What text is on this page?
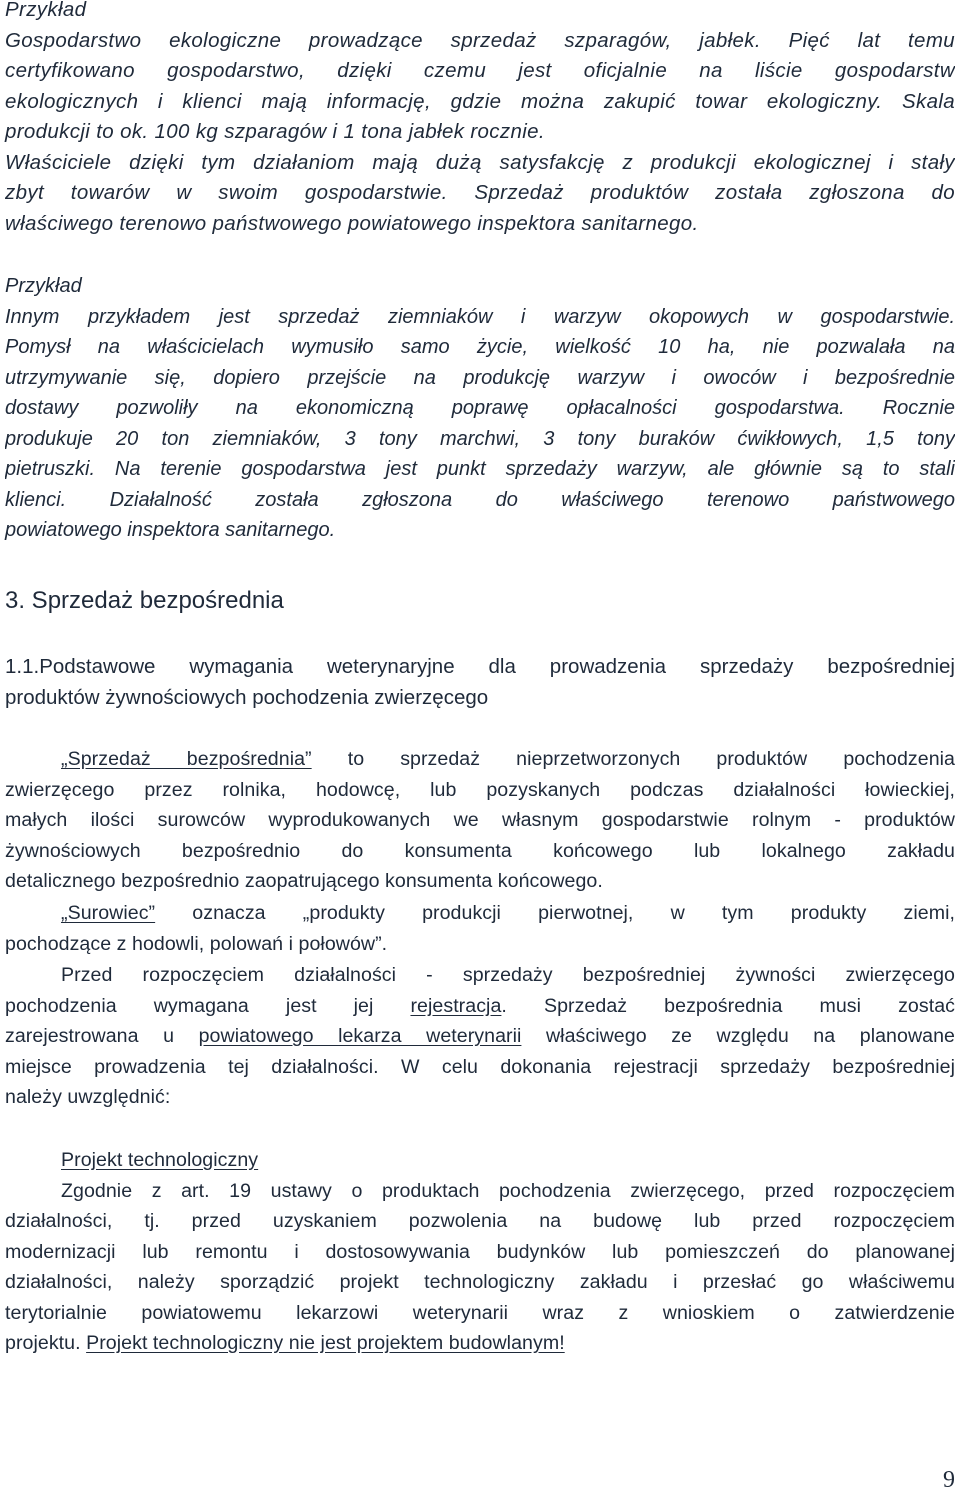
Przykład
Gospodarstwo ekologiczne prowadzące sprzedaż szparagów, jabłek. Pięć lat temu
certyfikowano gospodarstwo, dzięki czemu jest oficjalnie na liście gospodarstw
ekologicznych i klienci mają informację, gdzie można zakupić towar ekologiczny. Skala
produkcji to ok. 100 kg szparagów i 1 tona jabłek rocznie.
Właściciele dzięki tym działaniom mają dużą satysfakcję z produkcji ekologicznej i stały
zbyt towarów w swoim gospodarstwie. Sprzedaż produktów została zgłoszona do
właściwego terenowo państwowego powiatowego inspektora sanitarnego.
Przykład
Innym przykładem jest sprzedaż ziemniaków i warzyw okopowych w gospodarstwie.
Pomysł na właścicielach wymusiło samo życie, wielkość 10 ha, nie pozwalała na
utrzymywanie się, dopiero przejście na produkcję warzyw i owoców i bezpośrednie
dostawy pozwoliły na ekonomiczną poprawę opłacalności gospodarstwa. Rocznie
produkuje 20 ton ziemniaków, 3 tony marchwi, 3 tony buraków ćwikłowych, 1,5 tony
pietruszki. Na terenie gospodarstwa jest punkt sprzedaży warzyw, ale głównie są to stali
klienci. Działalność została zgłoszona do właściwego terenowo państwowego
powiatowego inspektora sanitarnego.
3. Sprzedaż bezpośrednia
1.1.Podstawowe wymagania weterynaryjne dla prowadzenia sprzedaży bezpośredniej
produktów żywnościowych pochodzenia zwierzęcego
„Sprzedaż bezpośrednia” to sprzedaż nieprzetworzonych produktów pochodzenia
zwierzęcego przez rolnika, hodowcę, lub pozyskanych podczas działalności łowieckiej,
małych ilości surowców wyprodukowanych we własnym gospodarstwie rolnym - produktów
żywnościowych bezpośrednio do konsumenta końcowego lub lokalnego zakładu
detalicznego bezpośrednio zaopatrującego konsumenta końcowego.
„Surowiec” oznacza „produkty produkcji pierwotnej, w tym produkty ziemi,
pochodzące z hodowli, polowań i połowów”.
Przed rozpoczęciem działalności - sprzedaży bezpośredniej żywności zwierzęcego
pochodzenia wymagana jest jej rejestracja. Sprzedaż bezpośrednia musi zostać
zarejestrowana u powiatowego lekarza weterynarii właściwego ze względu na planowane
miejsce prowadzenia tej działalności. W celu dokonania rejestracji sprzedaży bezpośredniej
należy uwzględnić:
Projekt technologiczny
Zgodnie z art. 19 ustawy o produktach pochodzenia zwierzęcego, przed rozpoczęciem
działalności, tj. przed uzyskaniem pozwolenia na budowę lub przed rozpoczęciem
modernizacji lub remontu i dostosowywania budynków lub pomieszczeń do planowanej
działalności, należy sporządzić projekt technologiczny zakładu i przesłać go właściwemu
terytorialnie powiatowemu lekarzowi weterynarii wraz z wnioskiem o zatwierdzenie
projektu. Projekt technologiczny nie jest projektem budowlanym!
9
